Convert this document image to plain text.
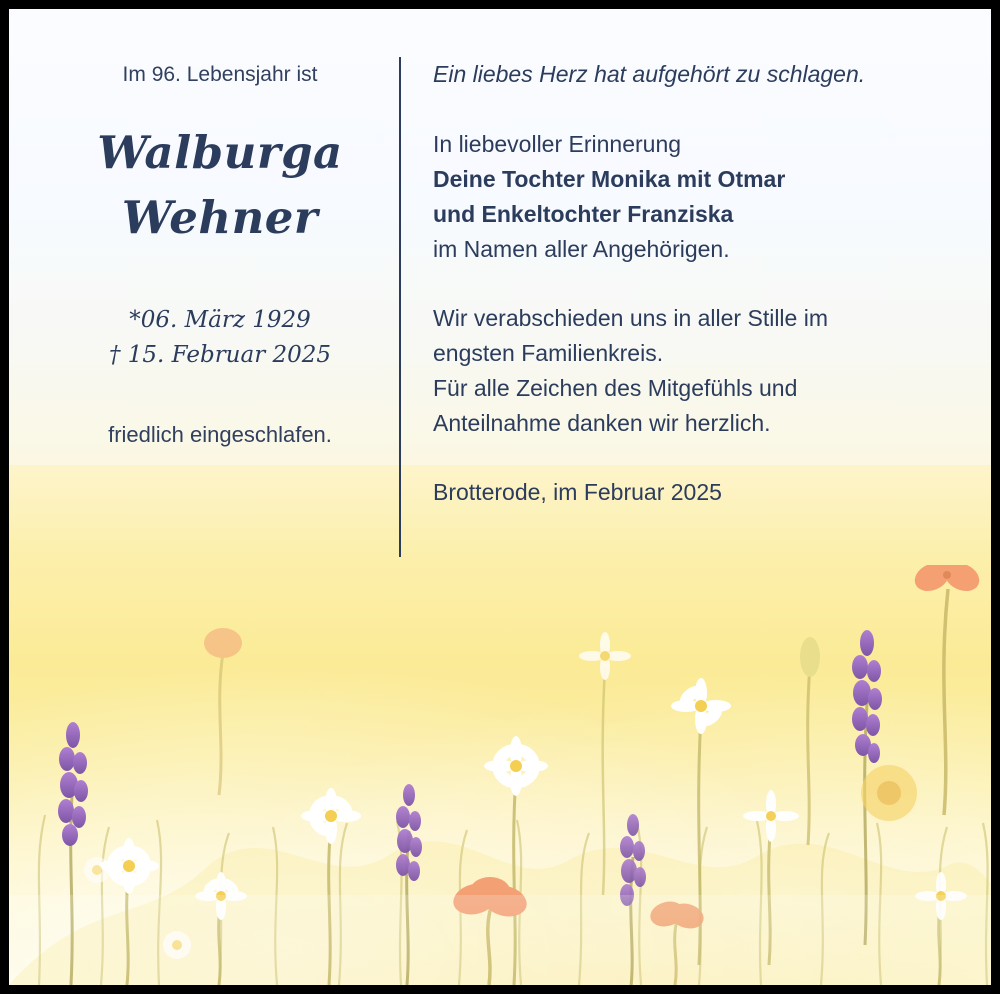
Im 96. Lebensjahr ist

Walburga
Wehner

*06. März 1929
† 15. Februar 2025

friedlich eingeschlafen.

Ein liebes Herz hat aufgehört zu schlagen.

In liebevoller Erinnerung
Deine Tochter Monika mit Otmar
und Enkeltochter Franziska
im Namen aller Angehörigen.
Wir verabschieden uns in aller Stille im
engsten Familienkreis.
Für alle Zeichen des Mitgefühls und
Anteilnahme danken wir herzlich.

Brotterode, im Februar 2025
